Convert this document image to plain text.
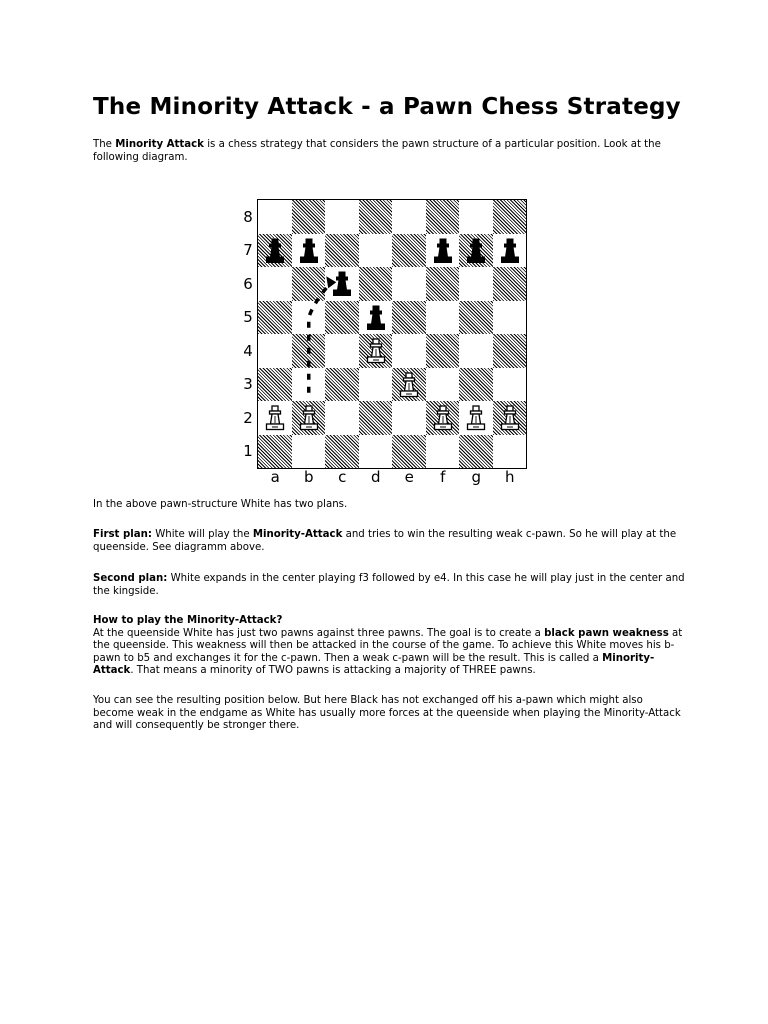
The Minority Attack - a Pawn Chess Strategy

The Minority Attack is a chess strategy that considers the pawn structure of a particular position. Look at the following diagram.

8
7
6
5
4
3
2
1
a	b	c	d	e	f	g	h

In the above pawn-structure White has two plans.

First plan: White will play the Minority-Attack and tries to win the resulting weak c-pawn. So he will play at the queenside. See diagramm above.

Second plan: White expands in the center playing f3 followed by e4. In this case he will play just in the center and the kingside.

How to play the Minority-Attack?
At the queenside White has just two pawns against three pawns. The goal is to create a black pawn weakness at the queenside. This weakness will then be attacked in the course of the game. To achieve this White moves his b-pawn to b5 and exchanges it for the c-pawn. Then a weak c-pawn will be the result. This is called a Minority-Attack. That means a minority of TWO pawns is attacking a majority of THREE pawns.

You can see the resulting position below. But here Black has not exchanged off his a-pawn which might also become weak in the endgame as White has usually more forces at the queenside when playing the Minority-Attack and will consequently be stronger there.
